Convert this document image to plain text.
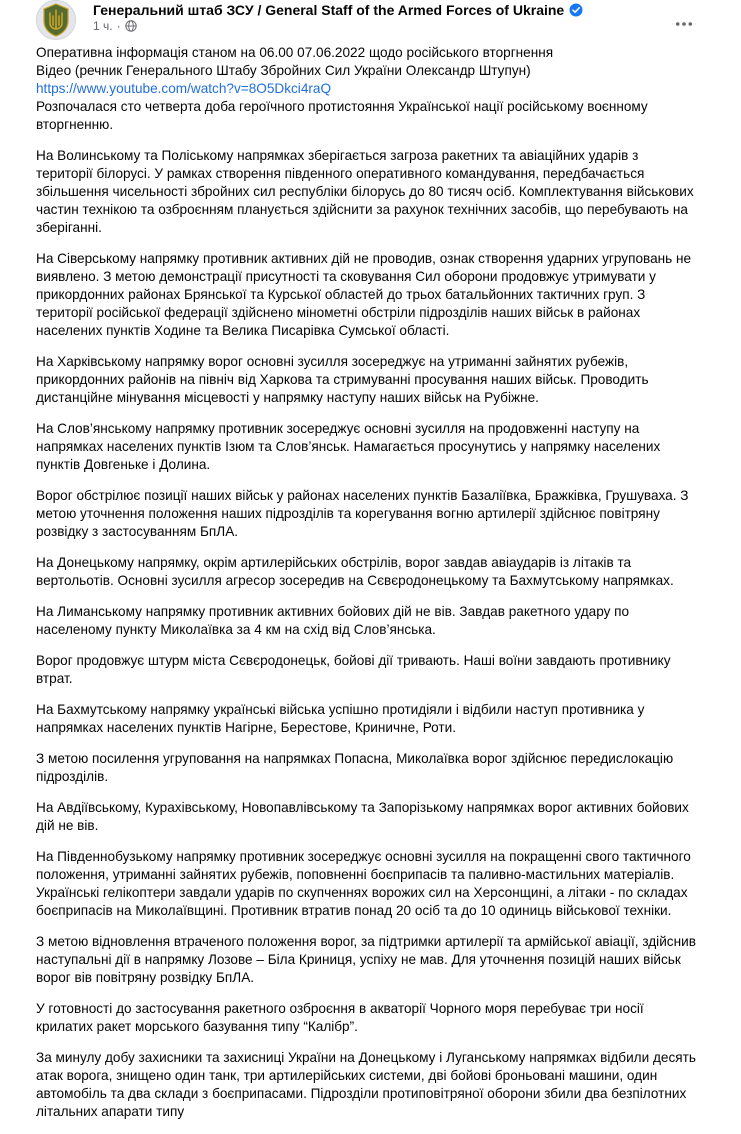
Генеральний штаб ЗСУ / General Staff of the Armed Forces of Ukraine
1 ч. ·

Оперативна інформація станом на 06.00 07.06.2022 щодо російського вторгнення

Відео (речник Генерального Штабу Збройних Сил України Олександр Штупун) https://www.youtube.com/watch?v=8O5Dkci4raQ

Розпочалася сто четверта доба героїчного протистояння Української нації російському воєнному вторгненню.

На Волинському та Поліському напрямках зберігається загроза ракетних та авіаційних ударів з території білорусі. У рамках створення південного оперативного командування, передбачається збільшення чисельності збройних сил республіки білорусь до 80 тисяч осіб. Комплектування військових частин технікою та озброєнням планується здійснити за рахунок технічних засобів, що перебувають на зберіганні.

На Сіверському напрямку противник активних дій не проводив, ознак створення ударних угруповань не виявлено. З метою демонстрації присутності та сковування Сил оборони продовжує утримувати у прикордонних районах Брянської та Курської областей до трьох батальйонних тактичних груп. З території російської федерації здійснено мінометні обстріли підрозділів наших військ в районах населених пунктів Ходине та Велика Писарівка Сумської області.

На Харківському напрямку ворог основні зусилля зосереджує на утриманні зайнятих рубежів, прикордонних районів на північ від Харкова та стримуванні просування наших військ. Проводить дистанційне мінування місцевості у напрямку наступу наших військ на Рубіжне.

На Слов’янському напрямку противник зосереджує основні зусилля на продовженні наступу на напрямках населених пунктів Ізюм та Слов’янськ. Намагається просунутись у напрямку населених пунктів Довгеньке і Долина.

Ворог обстрілює позиції наших військ у районах населених пунктів Базаліївка, Бражківка, Грушуваха. З метою уточнення положення наших підрозділів та корегування вогню артилерії здійснює повітряну розвідку з застосуванням БпЛА.

На Донецькому напрямку, окрім артилерійських обстрілів, ворог завдав авіаударів із літаків та вертольотів. Основні зусилля агресор зосередив на Сєвєродонецькому та Бахмутському напрямках.

На Лиманському напрямку противник активних бойових дій не вів. Завдав ракетного удару по населеному пункту Миколаївка за 4 км на схід від Слов’янська.

Ворог продовжує штурм міста Сєвєродонецьк, бойові дії тривають. Наші воїни завдають противнику втрат.

На Бахмутському напрямку українські війська успішно протидіяли і відбили наступ противника у напрямках населених пунктів Нагірне, Берестове, Криничне, Роти.

З метою посилення угруповання на напрямках Попасна, Миколаївка ворог здійснює передислокацію підрозділів.

На Авдіївському, Курахівському, Новопавлівському та Запорізькому напрямках ворог активних бойових дій не вів.

На Південнобузькому напрямку противник зосереджує основні зусилля на покращенні свого тактичного положення, утриманні зайнятих рубежів, поповненні боєприпасів та паливно-мастильних матеріалів. Українські гелікоптери завдали ударів по скупченнях ворожих сил на Херсонщині, а літаки - по складах боєприпасів на Миколаївщині. Противник втратив понад 20 осіб та до 10 одиниць військової техніки.

З метою відновлення втраченого положення ворог, за підтримки артилерії та армійської авіації, здійснив наступальні дії в напрямку Лозове – Біла Криниця, успіху не мав. Для уточнення позицій наших військ ворог вів повітряну розвідку БпЛА.

У готовності до застосування ракетного озброєння в акваторії Чорного моря перебуває три носії крилатих ракет морського базування типу “Калібр”.

За минулу добу захисники та захисниці України на Донецькому і Луганському напрямках відбили десять атак ворога, знищено один танк, три артилерійських системи, дві бойові броньовані машини, один автомобіль та два склади з боєприпасами. Підрозділи протиповітряної оборони збили два безпілотних літальних апарати типу
